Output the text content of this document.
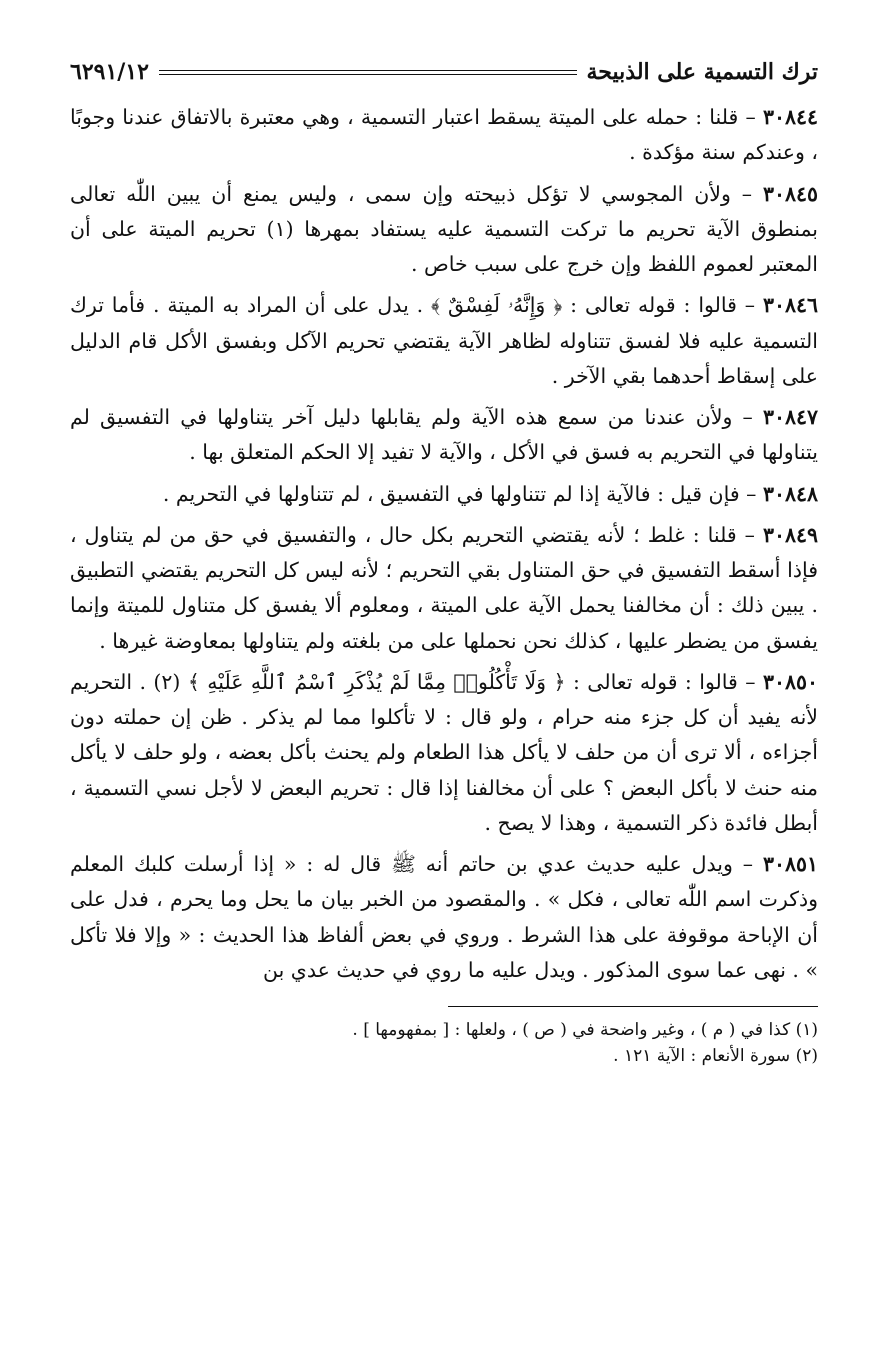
ترك التسمية على الذبيحة
٦٢٩١/١٢

٣٠٨٤٤ – قلنا : حمله على الميتة يسقط اعتبار التسمية ، وهي معتبرة بالاتفاق عندنا وجوبًا ، وعندكم سنة مؤكدة .

٣٠٨٤٥ – ولأن المجوسي لا تؤكل ذبيحته وإن سمى ، وليس يمنع أن يبين اللّٰه تعالى بمنطوق الآية تحريم ما تركت التسمية عليه يستفاد بمهرها (١) تحريم الميتة على أن المعتبر لعموم اللفظ وإن خرج على سبب خاص .

٣٠٨٤٦ – قالوا : قوله تعالى : ﴿ وَإِنَّهُۥ لَفِسْقٌ ﴾ . يدل على أن المراد به الميتة . فأما ترك التسمية عليه فلا لفسق تتناوله لظاهر الآية يقتضي تحريم الآكل وبفسق الأكل قام الدليل على إسقاط أحدهما بقي الآخر .

٣٠٨٤٧ – ولأن عندنا من سمع هذه الآية ولم يقابلها دليل آخر يتناولها في التفسيق لم يتناولها في التحريم به فسق في الأكل ، والآية لا تفيد إلا الحكم المتعلق بها .

٣٠٨٤٨ – فإن قيل : فالآية إذا لم تتناولها في التفسيق ، لم تتناولها في التحريم .

٣٠٨٤٩ – قلنا : غلط ؛ لأنه يقتضي التحريم بكل حال ، والتفسيق في حق من لم يتناول ، فإذا أسقط التفسيق في حق المتناول بقي التحريم ؛ لأنه ليس كل التحريم يقتضي التطبيق . يبين ذلك : أن مخالفنا يحمل الآية على الميتة ، ومعلوم ألا يفسق كل متناول للميتة وإنما يفسق من يضطر عليها ، كذلك نحن نحملها على من بلغته ولم يتناولها بمعاوضة غيرها .

٣٠٨٥٠ – قالوا : قوله تعالى : ﴿ وَلَا تَأْكُلُوا۟ مِمَّا لَمْ يُذْكَرِ ٱسْمُ ٱللَّهِ عَلَيْهِ ﴾ (٢) . التحريم لأنه يفيد أن كل جزء منه حرام ، ولو قال : لا تأكلوا مما لم يذكر . ظن إن حملته دون أجزاءه ، ألا ترى أن من حلف لا يأكل هذا الطعام ولم يحنث بأكل بعضه ، ولو حلف لا يأكل منه حنث لا بأكل البعض ؟ على أن مخالفنا إذا قال : تحريم البعض لا لأجل نسي التسمية ، أبطل فائدة ذكر التسمية ، وهذا لا يصح .

٣٠٨٥١ – ويدل عليه حديث عدي بن حاتم أنه ﷺ قال له : « إذا أرسلت كلبك المعلم وذكرت اسم اللّٰه تعالى ، فكل » . والمقصود من الخبر بيان ما يحل وما يحرم ، فدل على أن الإباحة موقوفة على هذا الشرط . وروي في بعض ألفاظ هذا الحديث : « وإلا فلا تأكل » . نهى عما سوى المذكور . ويدل عليه ما روي في حديث عدي بن

(١) كذا في ( م ) ، وغير واضحة في ( ص ) ، ولعلها : [ بمفهومها ] .

(٢) سورة الأنعام : الآية ١٢١ .
